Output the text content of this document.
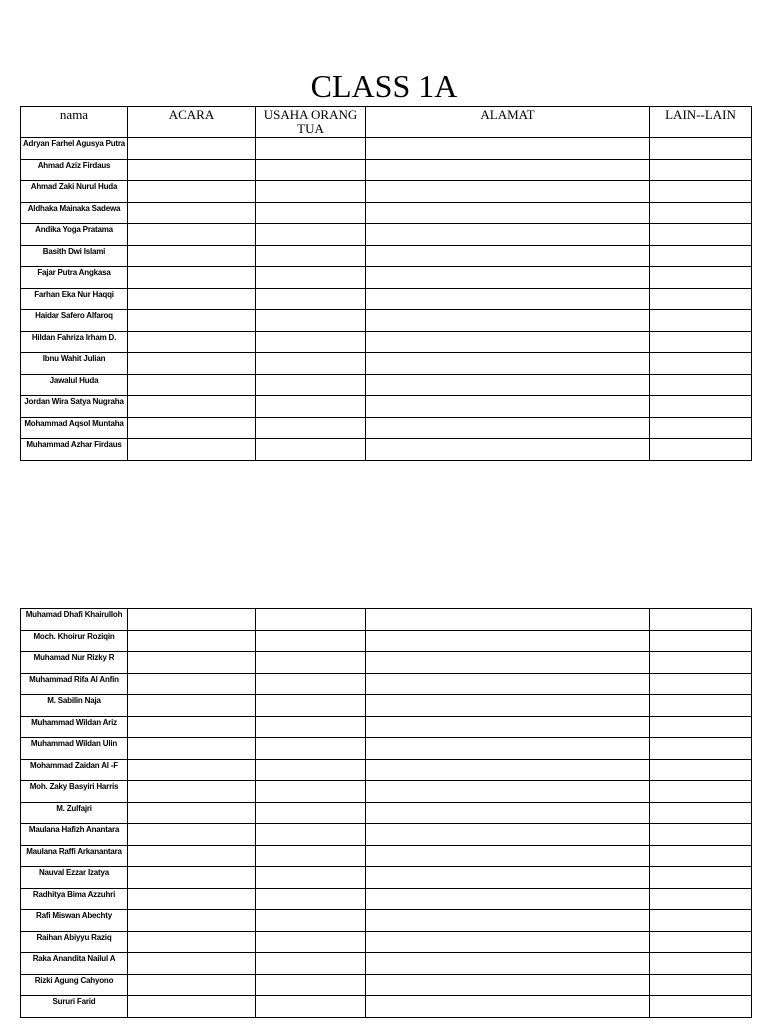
CLASS 1A
nama	ACARA	USAHA ORANG TUA	ALAMAT	LAIN--LAIN
Adryan Farhel Agusya Putra				
Ahmad Aziz Firdaus				
Ahmad Zaki Nurul Huda				
Aldhaka Mainaka Sadewa				
Andika Yoga Pratama				
Basith Dwi Islami				
Fajar Putra Angkasa				
Farhan Eka Nur Haqqi				
Haidar Safero Alfaroq				
Hildan Fahriza Irham D.				
Ibnu Wahit Julian				
Jawalul Huda				
Jordan Wira Satya Nugraha				
Mohammad Aqsol Muntaha				
Muhammad Azhar Firdaus				
Muhamad Dhafi Khairulloh				
Moch. Khoirur Roziqin				
Muhamad Nur Rizky R				
Muhammad Rifa Al Anfin				
M. Sabilin Naja				
Muhammad Wildan Ariz				
Muhammad Wildan Ulin				
Mohammad Zaidan Al -F				
Moh. Zaky Basyiri Harris				
M. Zulfajri				
Maulana Hafizh Anantara				
Maulana Raffi Arkanantara				
Nauval Ezzar Izatya				
Radhitya Bima Azzuhri				
Rafi Miswan Abechty				
Raihan Abiyyu Raziq				
Raka Anandita Nailul A				
Rizki Agung Cahyono				
Sururi Farid				
